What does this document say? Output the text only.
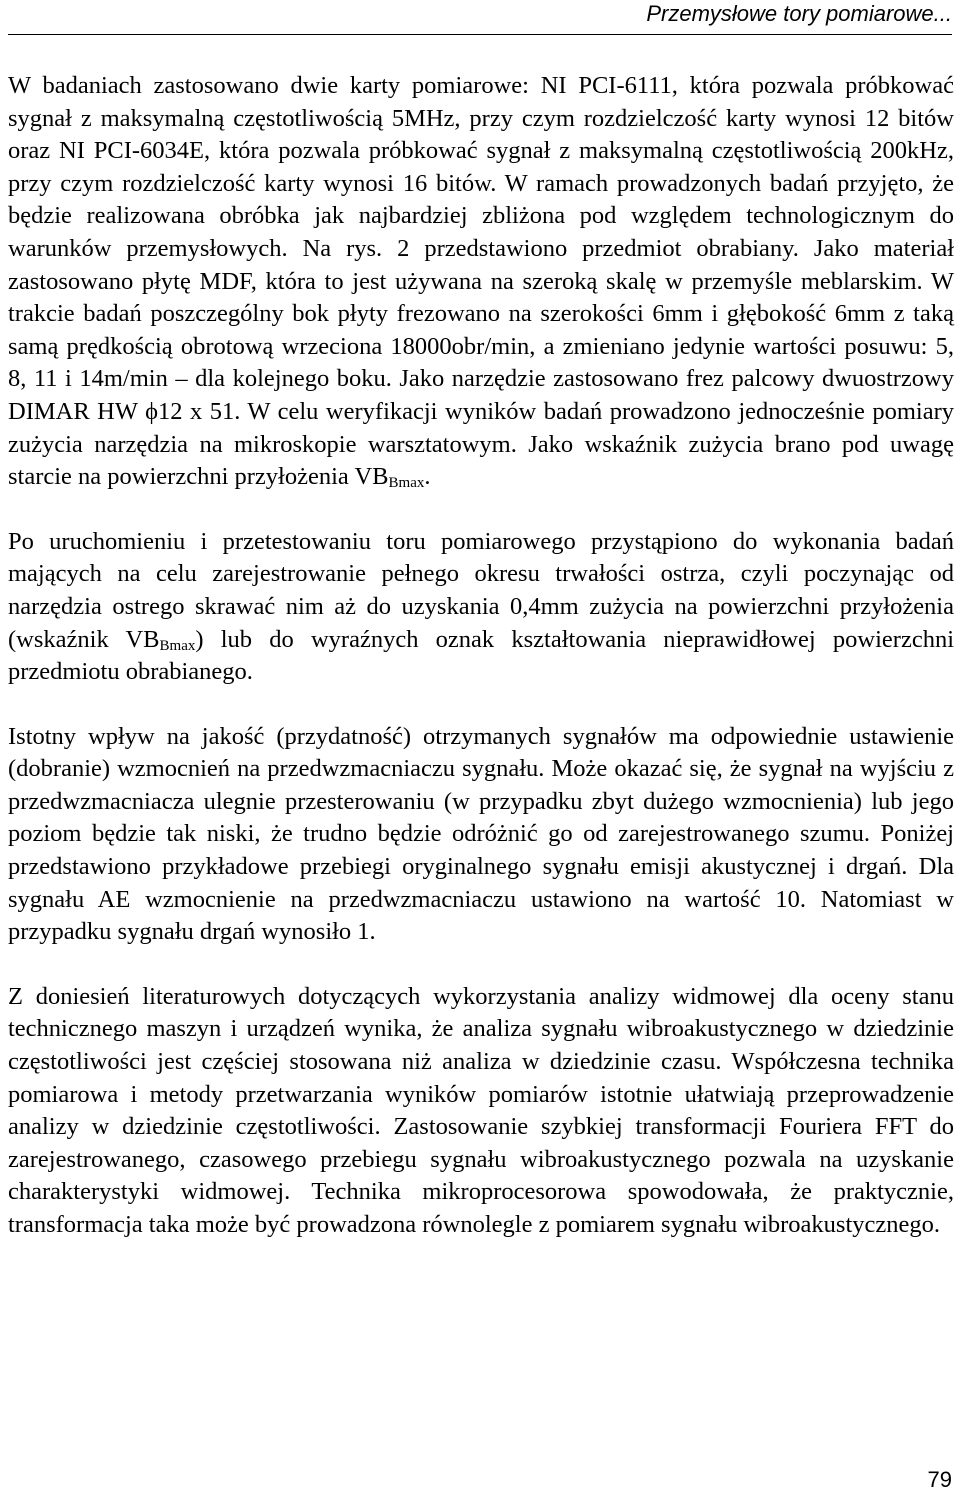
Przemysłowe tory pomiarowe...

W badaniach zastosowano dwie karty pomiarowe: NI PCI-6111, która pozwala próbkować sygnał z maksymalną częstotliwością 5MHz, przy czym rozdzielczość karty wynosi 12 bitów oraz NI PCI-6034E, która pozwala próbkować sygnał z maksymalną częstotliwością 200kHz, przy czym rozdzielczość karty wynosi 16 bitów. W ramach prowadzonych badań przyjęto, że będzie realizowana obróbka jak najbardziej zbliżona pod względem technologicznym do warunków przemysłowych. Na rys. 2 przedstawiono przedmiot obrabiany. Jako materiał zastosowano płytę MDF, która to jest używana na szeroką skalę w przemyśle meblarskim. W trakcie badań poszczególny bok płyty frezowano na szerokości 6mm i głębokość 6mm z taką samą prędkością obrotową wrzeciona 18000obr/min, a zmieniano jedynie wartości posuwu: 5, 8, 11 i 14m/min – dla kolejnego boku. Jako narzędzie zastosowano frez palcowy dwuostrzowy DIMAR HW ϕ12 x 51. W celu weryfikacji wyników badań prowadzono jednocześnie pomiary zużycia narzędzia na mikroskopie warsztatowym. Jako wskaźnik zużycia brano pod uwagę starcie na powierzchni przyłożenia $VB_{Bmax}$.

Po uruchomieniu i przetestowaniu toru pomiarowego przystąpiono do wykonania badań mających na celu zarejestrowanie pełnego okresu trwałości ostrza, czyli poczynając od narzędzia ostrego skrawać nim aż do uzyskania 0,4mm zużycia na powierzchni przyłożenia (wskaźnik $VB_{Bmax}$) lub do wyraźnych oznak kształtowania nieprawidłowej powierzchni przedmiotu obrabianego.

Istotny wpływ na jakość (przydatność) otrzymanych sygnałów ma odpowiednie ustawienie (dobranie) wzmocnień na przedwzmacniaczu sygnału. Może okazać się, że sygnał na wyjściu z przedwzmacniacza ulegnie przesterowaniu (w przypadku zbyt dużego wzmocnienia) lub jego poziom będzie tak niski, że trudno będzie odróżnić go od zarejestrowanego szumu. Poniżej przedstawiono przykładowe przebiegi oryginalnego sygnału emisji akustycznej i drgań. Dla sygnału AE wzmocnienie na przedwzmacniaczu ustawiono na wartość 10. Natomiast w przypadku sygnału drgań wynosiło 1.

Z doniesień literaturowych dotyczących wykorzystania analizy widmowej dla oceny stanu technicznego maszyn i urządzeń wynika, że analiza sygnału wibroakustycznego w dziedzinie częstotliwości jest częściej stosowana niż analiza w dziedzinie czasu. Współczesna technika pomiarowa i metody przetwarzania wyników pomiarów istotnie ułatwiają przeprowadzenie analizy w dziedzinie częstotliwości. Zastosowanie szybkiej transformacji Fouriera FFT do zarejestrowanego, czasowego przebiegu sygnału wibroakustycznego pozwala na uzyskanie charakterystyki widmowej. Technika mikroprocesorowa spowodowała, że praktycznie, transformacja taka może być prowadzona równolegle z pomiarem sygnału wibroakustycznego.

79
